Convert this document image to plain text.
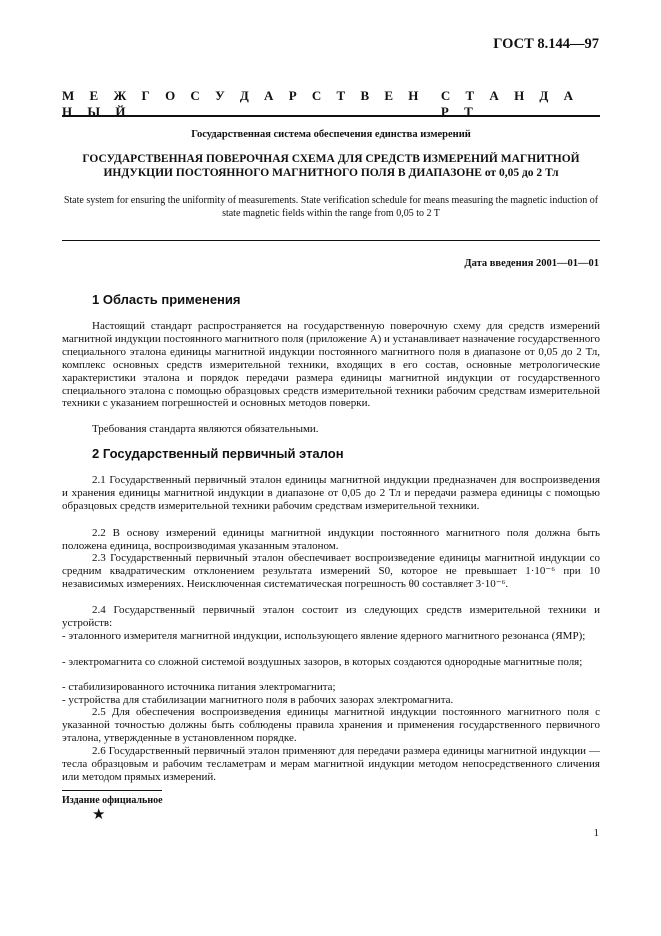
ГОСТ 8.144—97
М Е Ж Г О С У Д А Р С Т В Е Н Н Ы Й
С Т А Н Д А Р Т
Государственная система обеспечения единства измерений
ГОСУДАРСТВЕННАЯ ПОВЕРОЧНАЯ СХЕМА ДЛЯ СРЕДСТВ ИЗМЕРЕНИЙ МАГНИТНОЙ ИНДУКЦИИ ПОСТОЯННОГО МАГНИТНОГО ПОЛЯ В ДИАПАЗОНЕ от 0,05 до 2 Тл
State system for ensuring the uniformity of measurements. State verification schedule for means measuring the magnetic induction of state magnetic fields within the range from 0,05 to 2 T
Дата введения 2001—01—01
1 Область применения
Настоящий стандарт распространяется на государственную поверочную схему для средств измерений магнитной индукции постоянного магнитного поля (приложение А) и устанавливает назначение государственного специального эталона единицы магнитной индукции постоянного магнитного поля в диапазоне от 0,05 до 2 Тл, комплекс основных средств измерительной техники, входящих в его состав, основные метрологические характеристики эталона и порядок передачи размера единицы магнитной индукции от государственного специального эталона с помощью образцовых средств измерительной техники рабочим средствам измерительной техники с указанием погрешностей и основных методов поверки.
Требования стандарта являются обязательными.
2 Государственный первичный эталон
2.1 Государственный первичный эталон единицы магнитной индукции предназначен для воспроизведения и хранения единицы магнитной индукции в диапазоне от 0,05 до 2 Тл и передачи размера единицы с помощью образцовых средств измерительной техники рабочим средствам измерительной техники.
2.2 В основу измерений единицы магнитной индукции постоянного магнитного поля должна быть положена единица, воспроизводимая указанным эталоном.
2.3 Государственный первичный эталон обеспечивает воспроизведение единицы магнитной индукции со средним квадратическим отклонением результата измерений S0, которое не превышает 1·10⁻⁶ при 10 независимых измерениях. Неисключенная систематическая погрешность θ0 составляет 3·10⁻⁶.
2.4 Государственный первичный эталон состоит из следующих средств измерительной техники и устройств:
- эталонного измерителя магнитной индукции, использующего явление ядерного магнитного резонанса (ЯМР);
- электромагнита со сложной системой воздушных зазоров, в которых создаются однородные магнитные поля;
- стабилизированного источника питания электромагнита;
- устройства для стабилизации магнитного поля в рабочих зазорах электромагнита.
2.5 Для обеспечения воспроизведения единицы магнитной индукции постоянного магнитного поля с указанной точностью должны быть соблюдены правила хранения и применения государственного первичного эталона, утвержденные в установленном порядке.
2.6 Государственный первичный эталон применяют для передачи размера единицы магнитной индукции — тесла образцовым и рабочим тесламетрам и мерам магнитной индукции методом непосредственного сличения или методом прямых измерений.
Издание официальное
★
1
